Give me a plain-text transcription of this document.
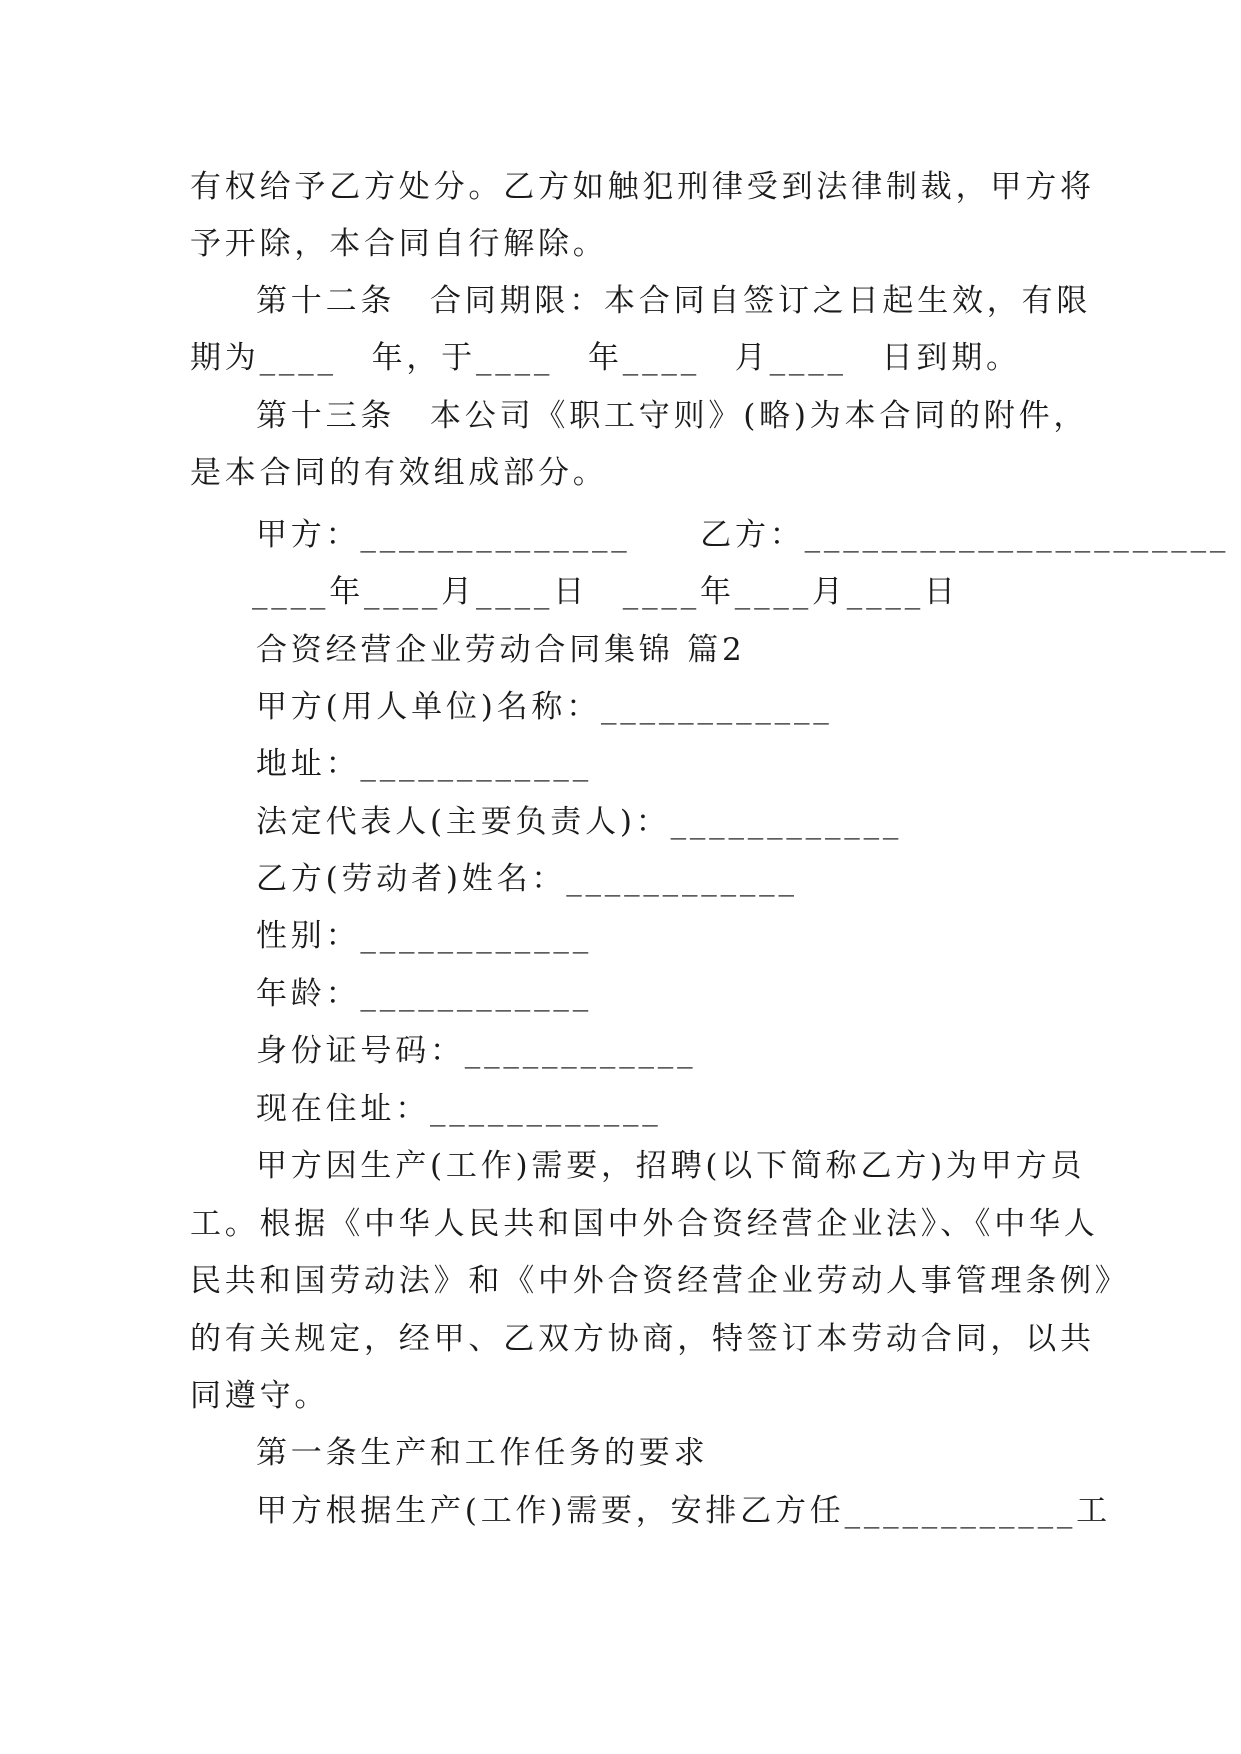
有权给予乙方处分。乙方如触犯刑律受到法律制裁，甲方将
予开除，本合同自行解除。
第十二条　合同期限：本合同自签订之日起生效，有限
期为____　年，于____　年____　月____　日到期。
第十三条　本公司《职工守则》(略)为本合同的附件，
是本合同的有效组成部分。
甲方：______________　　乙方：______________________
____年____月____日　____年____月____日
合资经营企业劳动合同集锦 篇2
甲方(用人单位)名称：____________
地址：____________
法定代表人(主要负责人)：____________
乙方(劳动者)姓名：____________
性别：____________
年龄：____________
身份证号码：____________
现在住址：____________
甲方因生产(工作)需要，招聘(以下简称乙方)为甲方员
工。根据《中华人民共和国中外合资经营企业法》、《中华人
民共和国劳动法》和《中外合资经营企业劳动人事管理条例》
的有关规定，经甲、乙双方协商，特签订本劳动合同，以共
同遵守。
第一条生产和工作任务的要求
甲方根据生产(工作)需要，安排乙方任____________工
